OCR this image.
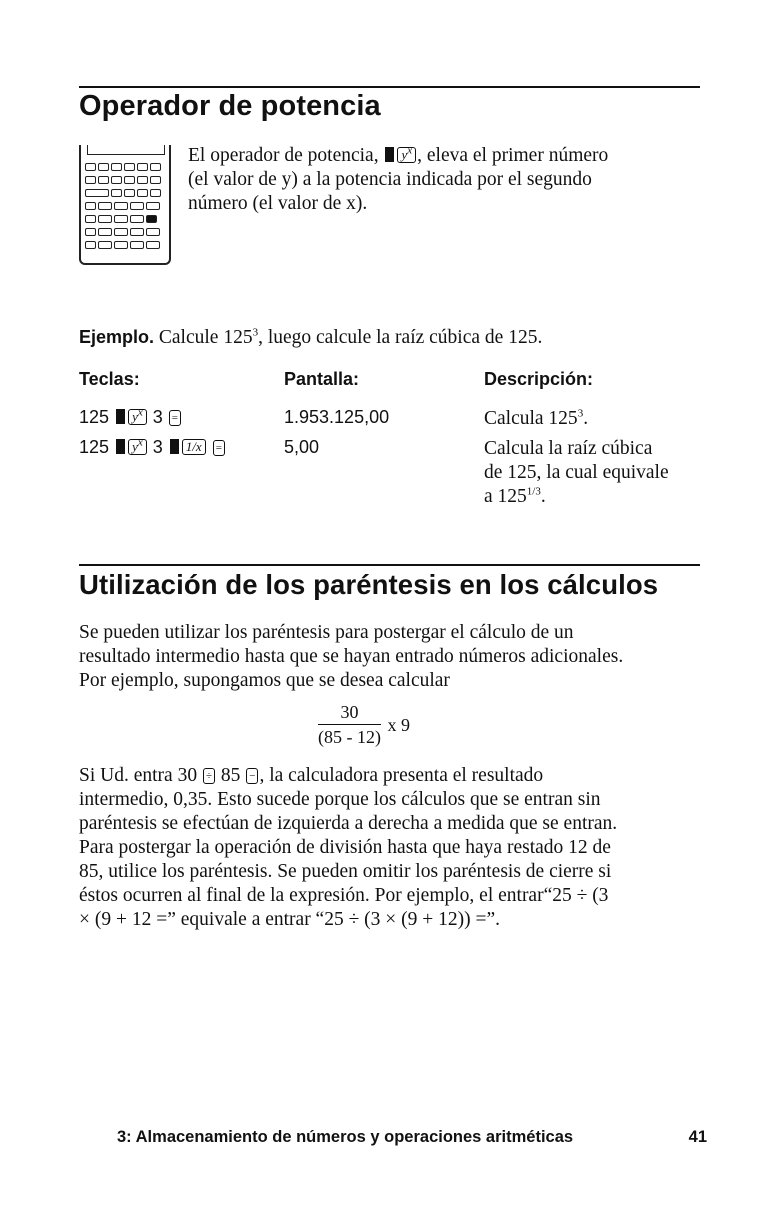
Operador de potencia
El operador de potencia, $y^x$ , eleva el primer número
(el valor de y) a la potencia indicada por el segundo
número (el valor de x).
Ejemplo. Calcule $125^3$, luego calcule la raíz cúbica de 125.
Teclas:	Pantalla:	Descripción:
125 $y^x$ 3 =	1.953.125,00	Calcula $125^3$.
125 $y^x$ 3 1/x =	5,00	Calcula la raíz cúbica
de 125, la cual equivale
a $125^{1/3}$.
Utilización de los paréntesis en los cálculos
Se pueden utilizar los paréntesis para postergar el cálculo de un
resultado intermedio hasta que se hayan entrado números adicionales.
Por ejemplo, supongamos que se desea calcular
$\frac{30}{(85 - 12)}$ x 9
Si Ud. entra 30 ÷ 85 − , la calculadora presenta el resultado
intermedio, 0,35. Esto sucede porque los cálculos que se entran sin
paréntesis se efectúan de izquierda a derecha a medida que se entran.
Para postergar la operación de división hasta que haya restado 12 de
85, utilice los paréntesis. Se pueden omitir los paréntesis de cierre si
éstos ocurren al final de la expresión. Por ejemplo, el entrar“25 ÷ (3
× (9 + 12 =” equivale a entrar “25 ÷ (3 × (9 + 12)) =”.
3: Almacenamiento de números y operaciones aritméticas	41
